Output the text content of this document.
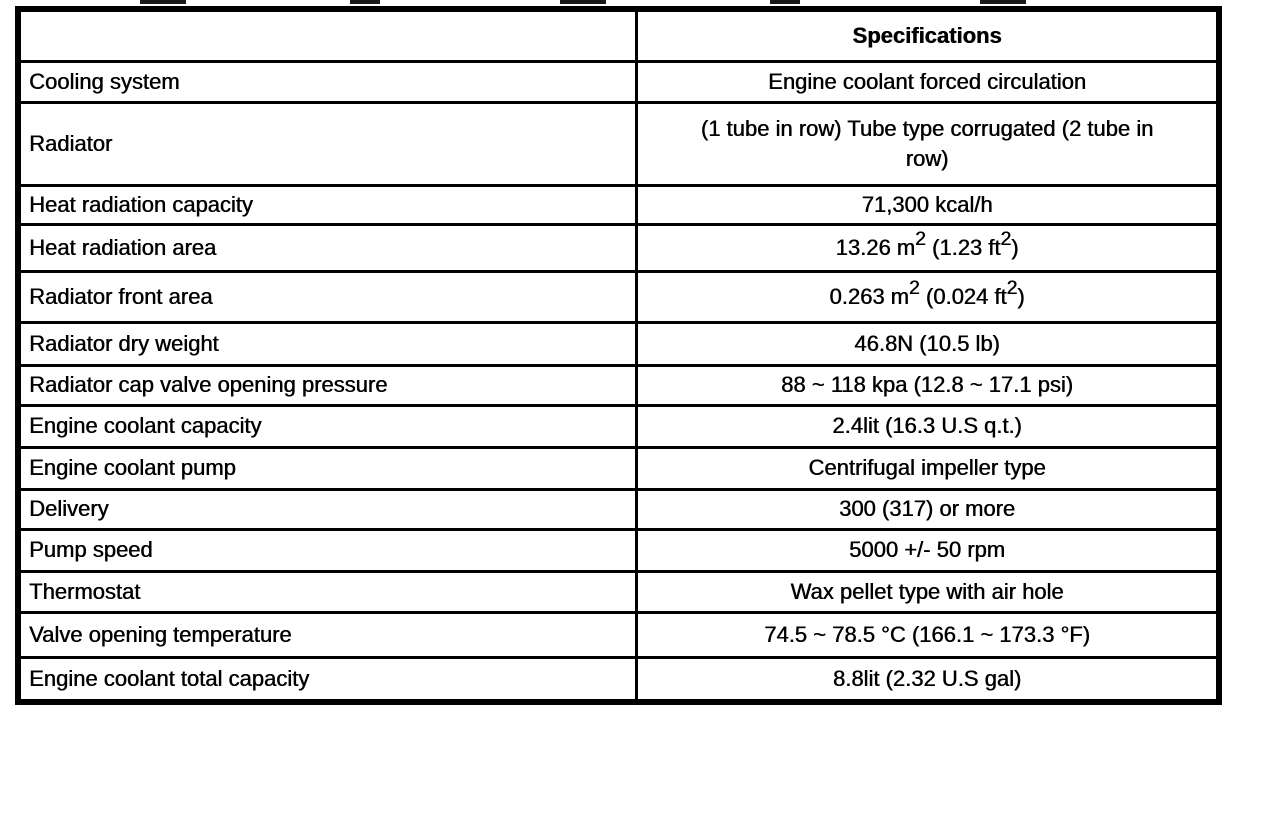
	Specifications
Cooling system	Engine coolant forced circulation
Radiator	(1 tube in row) Tube type corrugated (2 tube in row)
Heat radiation capacity	71,300 kcal/h
Heat radiation area	13.26 $m^2$ (1.23 $ft^2$)
Radiator front area	0.263 $m^2$ (0.024 $ft^2$)
Radiator dry weight	46.8N (10.5 lb)
Radiator cap valve opening pressure	88 ~ 118 kpa (12.8 ~ 17.1 psi)
Engine coolant capacity	2.4lit (16.3 U.S q.t.)
Engine coolant pump	Centrifugal impeller type
Delivery	300 (317) or more
Pump speed	5000 +/- 50 rpm
Thermostat	Wax pellet type with air hole
Valve opening temperature	74.5 ~ 78.5 °C (166.1 ~ 173.3 °F)
Engine coolant total capacity	8.8lit (2.32 U.S gal)
